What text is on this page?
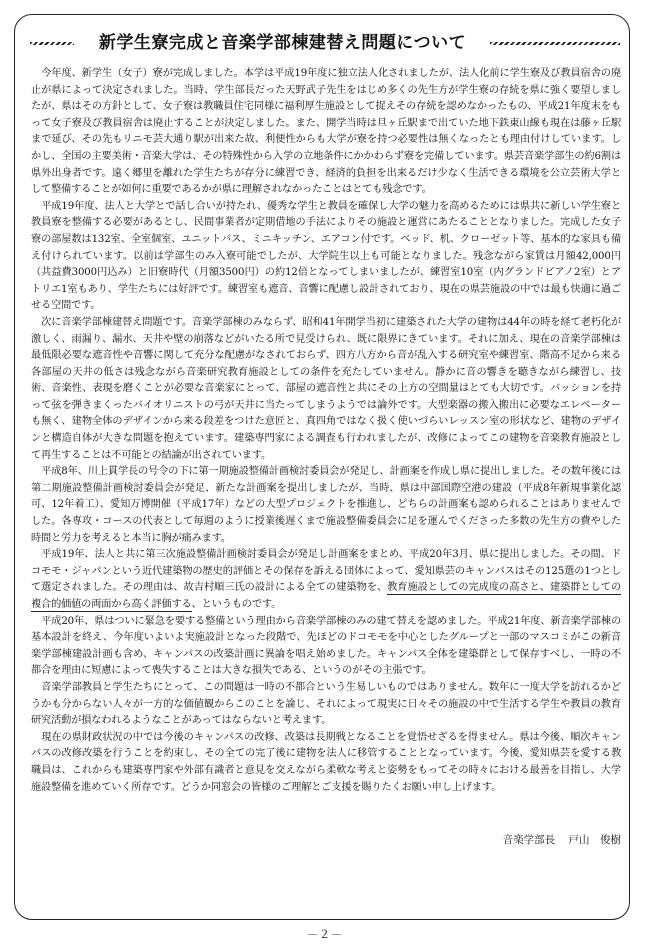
新学生寮完成と音楽学部棟建替え問題について

今年度、新学生（女子）寮が完成しました。本学は平成19年度に独立法人化されましたが、法人化前に学生寮及び教員宿舎の廃止が県によって決定されました。当時、学生部長だった天野武子先生をはじめ多くの先生方が学生寮の存続を県に強く要望しましたが、県はその方針として、女子寮は教職員住宅同様に福利厚生施設として捉えその存続を認めなかったもの、平成21年度末をもって女子寮及び教員宿舎は廃止することが決定しました。また、開学当時は旦ヶ丘駅まで出ていた地下鉄東山線も現在は藤ヶ丘駅まで延び、その先もリニモ芸大通り駅が出来た故、利便性からも大学が寮を持つ必要性は無くなったとも理由付けしています。しかし、全国の主要美術・音楽大学は、その特殊性から入学の立地条件にかかわらず寮を完備しています。県芸音楽学部生の約6割は県外出身者です。遠く郷里を離れた学生たちが存分に練習でき、経済的負担を出来るだけ少なく生活できる環境を公立芸術大学として整備することが如何に重要であるかが県に理解されなかったことはとても残念です。

平成19年度、法人と大学とで話し合いが持たれ、優秀な学生と教員を確保し大学の魅力を高めるためには県共に新しい学生寮と教員寮を整備する必要があるとし、民間事業者が定期借地の手法によりその施設と運営にあたることとなりました。完成した女子寮の部屋数は132室、全室個室、ユニットバス、ミニキッチン、エアコン付です。ベッド、机、クローゼット等、基本的な家具も備え付けられています。以前は学部生のみ入寮可能でしたが、大学院生以上も可能となりました。残念ながら家賃は月額42,000円（共益費3000円込み）と旧寮時代（月額3500円）の約12倍となってしまいましたが、練習室10室（内グランドピアノ2室）とアトリエ1室もあり、学生たちには好評です。練習室も遮音、音響に配慮し設計されており、現在の県芸施設の中では最も快適に過ごせる空間です。

次に音楽学部棟建替え問題です。音楽学部棟のみならず、昭和41年開学当初に建築された大学の建物は44年の時を経て老朽化が激しく、雨漏り、漏水、天井や壁の崩落などがいたる所で見受けられ、既に限界にきています。それに加え、現在の音楽学部棟は最低限必要な遮音性や音響に関して充分な配慮がなされておらず、四方八方から音が乱入する研究室や練習室、階高不足から来る各部屋の天井の低さは残念ながら音楽研究教育施設としての条件を充たしていません。静かに音の響きを聴きながら練習し、技術、音楽性、表現を磨くことが必要な音楽家にとって、部屋の遮音性と共にその上方の空間量はとても大切です。バッションを持って弦を弾きまくったバイオリニストの弓が天井に当たってしまうようでは論外です。大型楽器の搬入搬出に必要なエレベーターも無く、建物全体のデザインから来る段差をつけた意匠と、真四角ではなく扱く使いづらいレッスン室の形状など、建物のデザインと構造自体が大きな問題を抱えています。建築専門家による調査も行われましたが、改修によってこの建物を音楽教育施設として再生することは不可能との結論が出されています。

平成8年、川上貫学長の号令の下に第一期施設整備計画検討委員会が発足し、計画案を作成し県に提出しました。その数年後には第二期施設整備計画検討委員会が発足、新たな計画案を提出しましたが、当時、県は中部国際空港の建設（平成8年新規事業化認可、12年着工）、愛知万博開催（平成17年）などの大型プロジェクトを推進し、どちらの計画案も認められることはありませんでした。各専攻・コースの代表として毎週のように授業後遅くまで施設整備委員会に足を運んでくださった多数の先生方の費やした時間と労力を考えると本当に胸が痛みます。

平成19年、法人と共に第三次施設整備計画検討委員会が発足し計画案をまとめ、平成20年3月、県に提出しました。その間、ドコモモ・ジャパンという近代建築物の歴史的評価とその保存を訴える団体によって、愛知県芸のキャンパスはその125選の1つとして選定されました。その理由は、故吉村順三氏の設計による全ての建築物を、教育施設としての完成度の高さと、建築群としての複合的価値の両面から高く評価する、というものです。

平成20年、県はついに緊急を要する整備という理由から音楽学部棟のみの建て替えを認めました。平成21年度、新音楽学部棟の基本設計を終え、今年度いよいよ実施設計となった段階で、先ほどのドコモモを中心としたグループと一部のマスコミがこの新音楽学部棟建設計画も含め、キャンパスの改築計画に異論を唱え始めました。キャンパス全体を建築群として保存すべし、一時の不都合を理由に短慮によって喪失することは大きな損失である、というのがその主張です。

音楽学部教員と学生たちにとって、この問題は一時の不都合という生易しいものではありません。数年に一度大学を訪れるかどうかも分からない人々が一方的な価値観からこのことを論じ、それによって現実に日々その施設の中で生活する学生や教員の教育研究活動が損なわれるようなことがあってはならないと考えます。

現在の県財政状況の中では今後のキャンパスの改修、改築は長期戦となることを覚悟せざるを得ません。県は今後、順次キャンパスの改修改築を行うことを約束し、その全ての完了後に建物を法人に移管することとなっています。今後、愛知県芸を愛する教職員は、これからも建築専門家や外部有識者と意見を交えながら柔軟な考えと姿勢をもってその時々における最善を目指し、大学施設整備を進めていく所存です。どうか同窓会の皆様のご理解とご支援を賜りたくお願い申し上げます。

音楽学部長 戸山　俊樹
－２－
